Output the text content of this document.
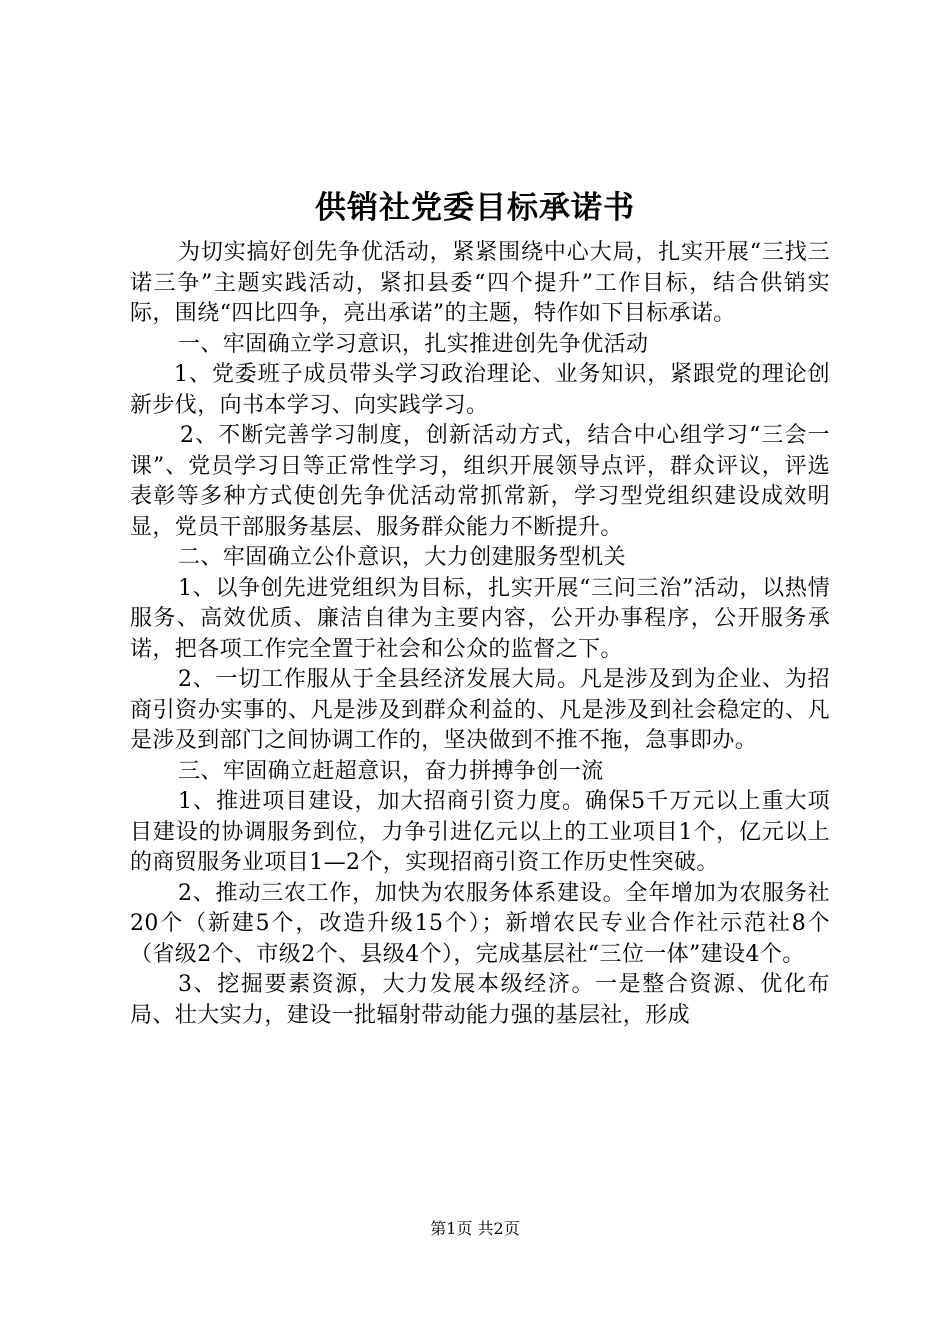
供销社党委目标承诺书

为切实搞好创先争优活动，紧紧围绕中心大局，扎实开展“三找三诺三争”主题实践活动，紧扣县委“四个提升”工作目标，结合供销实际，围绕“四比四争，亮出承诺”的主题，特作如下目标承诺。

一、牢固确立学习意识，扎实推进创先争优活动

1、党委班子成员带头学习政治理论、业务知识，紧跟党的理论创新步伐，向书本学习、向实践学习。

2、不断完善学习制度，创新活动方式，结合中心组学习“三会一课”、党员学习日等正常性学习，组织开展领导点评，群众评议，评选表彰等多种方式使创先争优活动常抓常新，学习型党组织建设成效明显，党员干部服务基层、服务群众能力不断提升。

二、牢固确立公仆意识，大力创建服务型机关

1、以争创先进党组织为目标，扎实开展“三问三治”活动，以热情服务、高效优质、廉洁自律为主要内容，公开办事程序，公开服务承诺，把各项工作完全置于社会和公众的监督之下。

2、一切工作服从于全县经济发展大局。凡是涉及到为企业、为招商引资办实事的、凡是涉及到群众利益的、凡是涉及到社会稳定的、凡是涉及到部门之间协调工作的，坚决做到不推不拖，急事即办。

三、牢固确立赶超意识，奋力拼搏争创一流

1、推进项目建设，加大招商引资力度。确保5千万元以上重大项目建设的协调服务到位，力争引进亿元以上的工业项目1个，亿元以上的商贸服务业项目1—2个，实现招商引资工作历史性突破。

2、推动三农工作，加快为农服务体系建设。全年增加为农服务社20个（新建5个，改造升级15个）；新增农民专业合作社示范社8个（省级2个、市级2个、县级4个），完成基层社“三位一体”建设4个。

3、挖掘要素资源，大力发展本级经济。一是整合资源、优化布局、壮大实力，建设一批辐射带动能力强的基层社，形成

第1页 共2页
